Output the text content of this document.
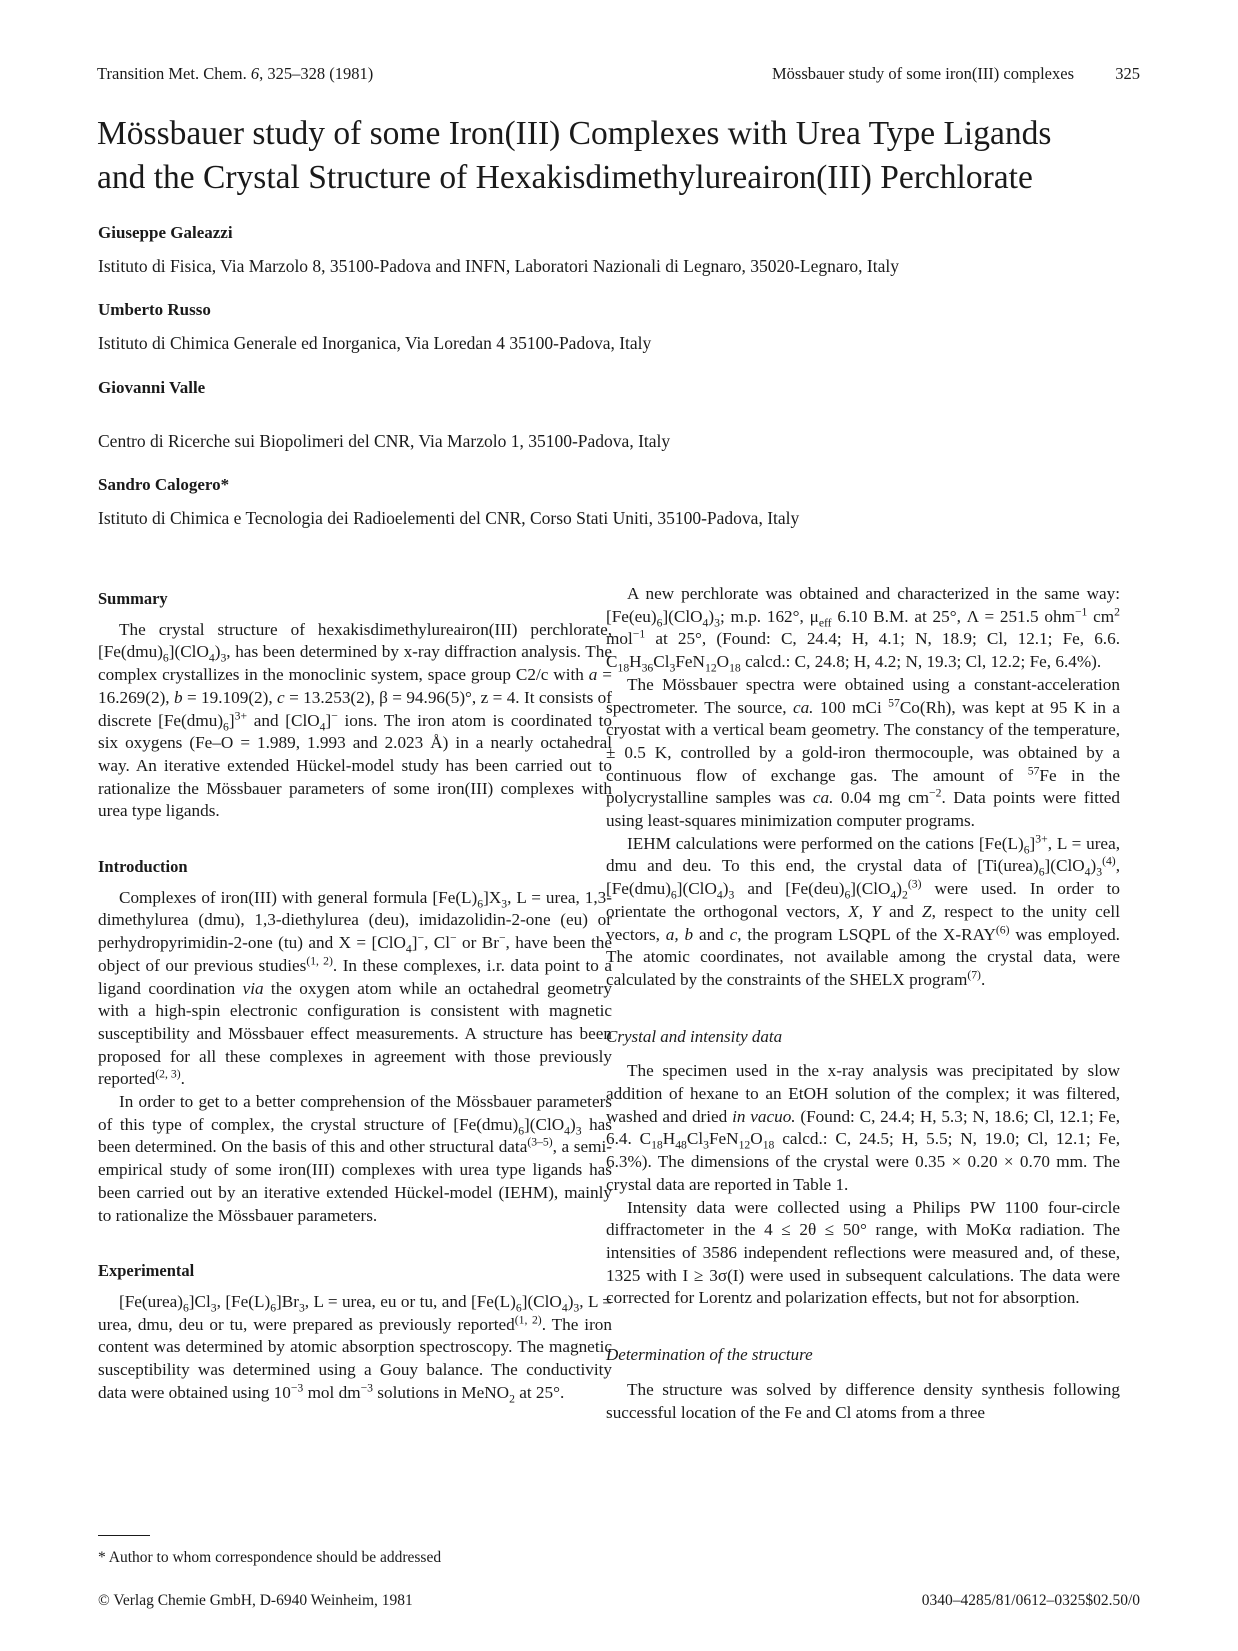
Transition Met. Chem. 6, 325–328 (1981)	Mössbauer study of some iron(III) complexes	325
Mössbauer study of some Iron(III) Complexes with Urea Type Ligands
and the Crystal Structure of Hexakisdimethylureairon(III) Perchlorate
Giuseppe Galeazzi
Istituto di Fisica, Via Marzolo 8, 35100-Padova and INFN, Laboratori Nazionali di Legnaro, 35020-Legnaro, Italy
Umberto Russo
Istituto di Chimica Generale ed Inorganica, Via Loredan 4 35100-Padova, Italy
Giovanni Valle
Centro di Ricerche sui Biopolimeri del CNR, Via Marzolo 1, 35100-Padova, Italy
Sandro Calogero*
Istituto di Chimica e Tecnologia dei Radioelementi del CNR, Corso Stati Uniti, 35100-Padova, Italy
Summary

The crystal structure of hexakisdimethylureairon(III) perchlorate, $[Fe(dmu)_6](ClO_4)_3$, has been determined by x-ray diffraction analysis. The complex crystallizes in the monoclinic system, space group C2/c with a = 16.269(2), b = 19.109(2), c = 13.253(2), β = 94.96(5)°, z = 4. It consists of discrete $[Fe(dmu)_6]^{3+}$ and [ClO$_4$]− ions. The iron atom is coordinated to six oxygens (Fe–O = 1.989, 1.993 and 2.023 Å) in a nearly octahedral way. An iterative extended Hückel-model study has been carried out to rationalize the Mössbauer parameters of some iron(III) complexes with urea type ligands.

Introduction

Complexes of iron(III) with general formula $[Fe(L)_6]X_3$, L = urea, 1,3-dimethylurea (dmu), 1,3-diethylurea (deu), imidazolidin-2-one (eu) or perhydropyrimidin-2-one (tu) and X = [ClO$_4$]−, Cl− or Br−, have been the object of our previous studies$^{(1, 2)}$. In these complexes, i.r. data point to a ligand coordination via the oxygen atom while an octahedral geometry with a high-spin electronic configuration is consistent with magnetic susceptibility and Mössbauer effect measurements. A structure has been proposed for all these complexes in agreement with those previously reported$^{(2, 3)}$.

In order to get to a better comprehension of the Mössbauer parameters of this type of complex, the crystal structure of $[Fe(dmu)_6](ClO_4)_3$ has been determined. On the basis of this and other structural data$^{(3-5)}$, a semi-empirical study of some iron(III) complexes with urea type ligands has been carried out by an iterative extended Hückel-model (IEHM), mainly to rationalize the Mössbauer parameters.

Experimental

$[Fe(urea)_6]Cl_3$, $[Fe(L)_6]Br_3$, L = urea, eu or tu, and $[Fe(L)_6](ClO_4)_3$, L = urea, dmu, deu or tu, were prepared as previously reported$^{(1, 2)}$. The iron content was determined by atomic absorption spectroscopy. The magnetic susceptibility was determined using a Gouy balance. The conductivity data were obtained using $10^{-3}$ mol $dm^{-3}$ solutions in MeNO$_2$ at 25°.

A new perchlorate was obtained and characterized in the same way: $[Fe(eu)_6](ClO_4)_3$; m.p. 162°, $\mu_{eff}$ 6.10 B.M. at 25°, Λ = 251.5 ohm$^{-1}$ $cm^2$ mol$^{-1}$ at 25°, (Found: C, 24.4; H, 4.1; N, 18.9; Cl, 12.1; Fe, 6.6. $C_{18}H_{36}Cl_3FeN_{12}O_{18}$ calcd.: C, 24.8; H, 4.2; N, 19.3; Cl, 12.2; Fe, 6.4%).

The Mössbauer spectra were obtained using a constant-acceleration spectrometer. The source, ca. 100 mCi $^{57}$Co(Rh), was kept at 95 K in a cryostat with a vertical beam geometry. The constancy of the temperature, ± 0.5 K, controlled by a gold-iron thermocouple, was obtained by a continuous flow of exchange gas. The amount of $^{57}$Fe in the polycrystalline samples was ca. 0.04 mg $cm^{-2}$. Data points were fitted using least-squares minimization computer programs.

IEHM calculations were performed on the cations $[Fe(L)_6]^{3+}$, L = urea, dmu and deu. To this end, the crystal data of $[Ti(urea)_6](ClO_4)_3^{(4)}$, $[Fe(dmu)_6](ClO_4)_3$ and $[Fe(deu)_6](ClO_4)_2^{(3)}$ were used. In order to orientate the orthogonal vectors, X, Y and Z, respect to the unity cell vectors, a, b and c, the program LSQPL of the X-RAY$^{(6)}$ was employed. The atomic coordinates, not available among the crystal data, were calculated by the constraints of the SHELX program$^{(7)}$.

Crystal and intensity data

The specimen used in the x-ray analysis was precipitated by slow addition of hexane to an EtOH solution of the complex; it was filtered, washed and dried in vacuo. (Found: C, 24.4; H, 5.3; N, 18.6; Cl, 12.1; Fe, 6.4. $C_{18}H_{48}Cl_3FeN_{12}O_{18}$ calcd.: C, 24.5; H, 5.5; N, 19.0; Cl, 12.1; Fe, 6.3%). The dimensions of the crystal were 0.35 × 0.20 × 0.70 mm. The crystal data are reported in Table 1.

Intensity data were collected using a Philips PW 1100 four-circle diffractometer in the 4 ≤ 2θ ≤ 50° range, with MoKα radiation. The intensities of 3586 independent reflections were measured and, of these, 1325 with I ≥ 3σ(I) were used in subsequent calculations. The data were corrected for Lorentz and polarization effects, but not for absorption.

Determination of the structure

The structure was solved by difference density synthesis following successful location of the Fe and Cl atoms from a three

* Author to whom correspondence should be addressed
© Verlag Chemie GmbH, D-6940 Weinheim, 1981	0340–4285/81/0612–0325$02.50/0
